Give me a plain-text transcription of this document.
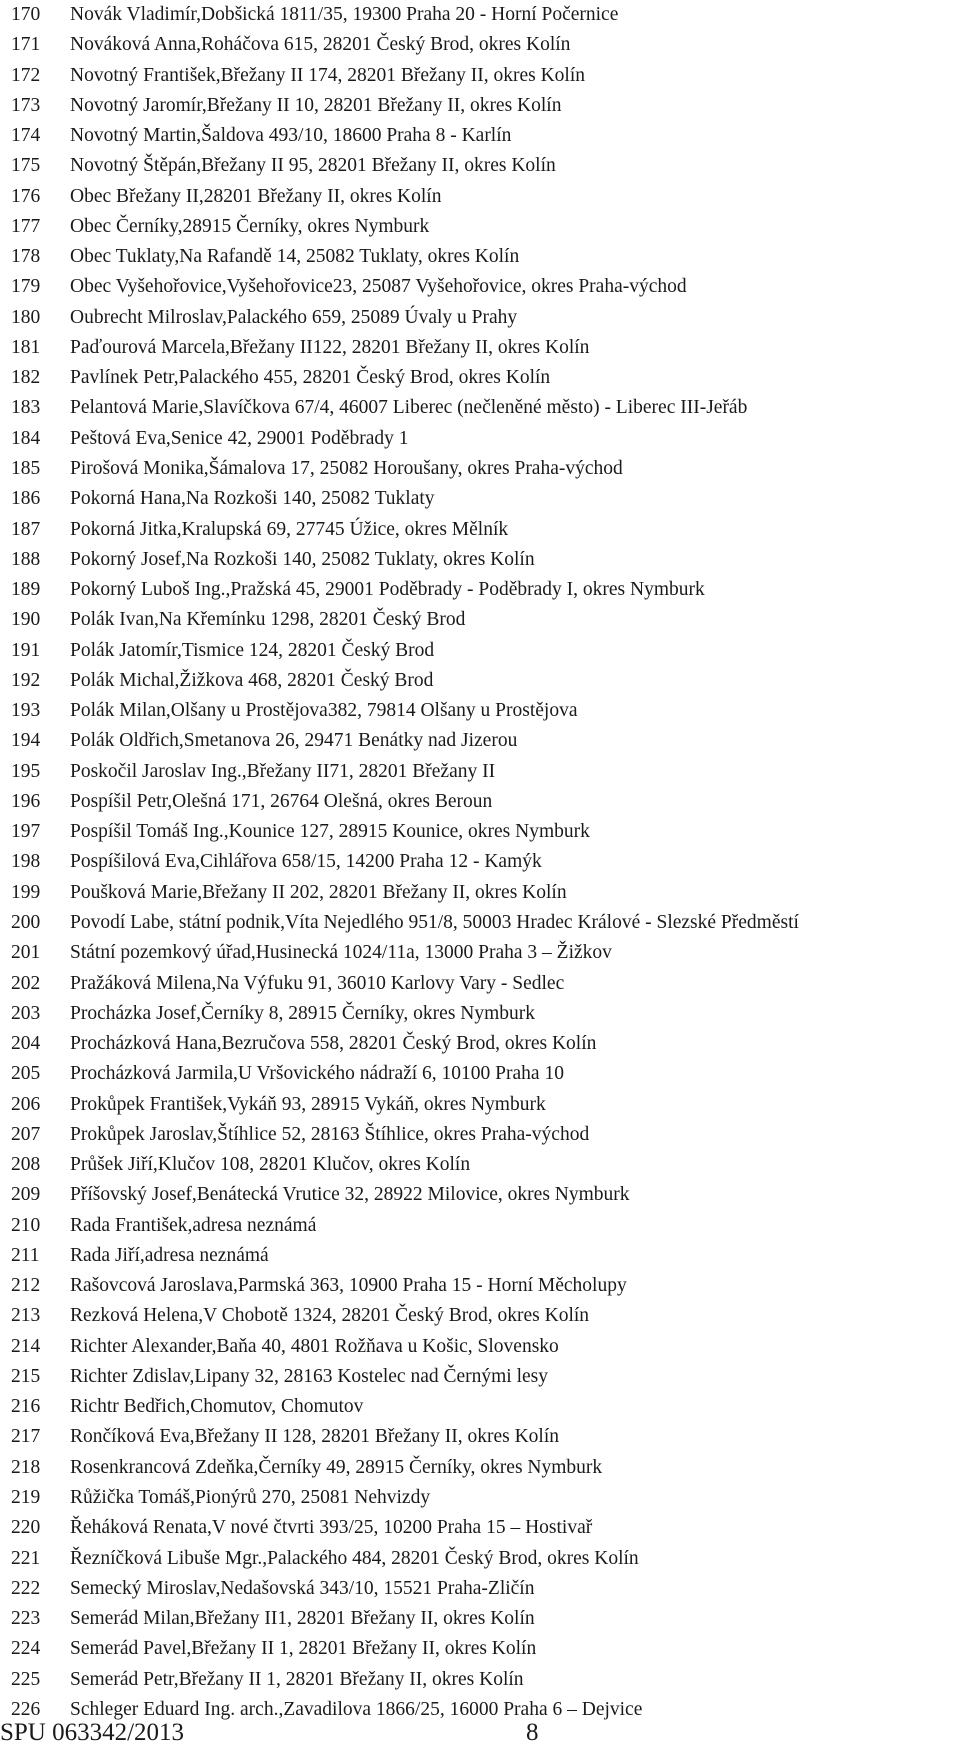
170	Novák Vladimír,Dobšická 1811/35, 19300 Praha 20 - Horní Počernice
171	Nováková Anna,Roháčova 615, 28201 Český Brod, okres Kolín
172	Novotný František,Břežany II 174, 28201 Břežany II, okres Kolín
173	Novotný Jaromír,Břežany II 10, 28201 Břežany II, okres Kolín
174	Novotný Martin,Šaldova 493/10, 18600 Praha 8 - Karlín
175	Novotný Štěpán,Břežany II 95, 28201 Břežany II, okres Kolín
176	Obec Břežany II,28201 Břežany II, okres Kolín
177	Obec Černíky,28915 Černíky, okres Nymburk
178	Obec Tuklaty,Na Rafandě 14, 25082 Tuklaty, okres Kolín
179	Obec Vyšehořovice,Vyšehořovice23, 25087 Vyšehořovice, okres Praha-východ
180	Oubrecht Milroslav,Palackého 659, 25089 Úvaly u Prahy
181	Paďourová Marcela,Břežany II122, 28201 Břežany II, okres Kolín
182	Pavlínek Petr,Palackého 455, 28201 Český Brod, okres Kolín
183	Pelantová Marie,Slavíčkova 67/4, 46007 Liberec (nečleněné město) - Liberec III-Jeřáb
184	Peštová Eva,Senice 42, 29001 Poděbrady 1
185	Pirošová Monika,Šámalova 17, 25082 Horoušany, okres Praha-východ
186	Pokorná Hana,Na Rozkoši 140, 25082 Tuklaty
187	Pokorná Jitka,Kralupská 69, 27745 Úžice, okres Mělník
188	Pokorný Josef,Na Rozkoši 140, 25082 Tuklaty, okres Kolín
189	Pokorný Luboš Ing.,Pražská 45, 29001 Poděbrady - Poděbrady I, okres Nymburk
190	Polák Ivan,Na Křemínku 1298, 28201 Český Brod
191	Polák Jatomír,Tismice 124, 28201 Český Brod
192	Polák Michal,Žižkova 468, 28201 Český Brod
193	Polák Milan,Olšany u Prostějova382, 79814 Olšany u Prostějova
194	Polák Oldřich,Smetanova 26, 29471 Benátky nad Jizerou
195	Poskočil Jaroslav Ing.,Břežany II71, 28201 Břežany II
196	Pospíšil Petr,Olešná 171, 26764 Olešná, okres Beroun
197	Pospíšil Tomáš Ing.,Kounice 127, 28915 Kounice, okres Nymburk
198	Pospíšilová Eva,Cihlářova 658/15, 14200 Praha 12 - Kamýk
199	Poušková Marie,Břežany II 202, 28201 Břežany II, okres Kolín
200	Povodí Labe, státní podnik,Víta Nejedlého 951/8, 50003 Hradec Králové - Slezské Předměstí
201	Státní pozemkový úřad,Husinecká 1024/11a, 13000 Praha 3 – Žižkov
202	Pražáková Milena,Na Výfuku 91, 36010 Karlovy Vary - Sedlec
203	Procházka Josef,Černíky 8, 28915 Černíky, okres Nymburk
204	Procházková Hana,Bezručova 558, 28201 Český Brod, okres Kolín
205	Procházková Jarmila,U Vršovického nádraží 6, 10100 Praha 10
206	Prokůpek František,Vykáň 93, 28915 Vykáň, okres Nymburk
207	Prokůpek Jaroslav,Štíhlice 52, 28163 Štíhlice, okres Praha-východ
208	Průšek Jiří,Klučov 108, 28201 Klučov, okres Kolín
209	Příšovský Josef,Benátecká Vrutice 32, 28922 Milovice, okres Nymburk
210	Rada František,adresa neznámá
211	Rada Jiří,adresa neznámá
212	Rašovcová Jaroslava,Parmská 363, 10900 Praha 15 - Horní Měcholupy
213	Rezková Helena,V Chobotě 1324, 28201 Český Brod, okres Kolín
214	Richter Alexander,Baňa 40, 4801 Rožňava u Košic, Slovensko
215	Richter Zdislav,Lipany 32, 28163 Kostelec nad Černými lesy
216	Richtr Bedřich,Chomutov, Chomutov
217	Rončíková Eva,Břežany II 128, 28201 Břežany II, okres Kolín
218	Rosenkrancová Zdeňka,Černíky 49, 28915 Černíky, okres Nymburk
219	Růžička Tomáš,Pionýrů 270, 25081 Nehvizdy
220	Řeháková Renata,V nové čtvrti 393/25, 10200 Praha 15 – Hostivař
221	Řezníčková Libuše Mgr.,Palackého 484, 28201 Český Brod, okres Kolín
222	Semecký Miroslav,Nedašovská 343/10, 15521 Praha-Zličín
223	Semerád Milan,Břežany II1, 28201 Břežany II, okres Kolín
224	Semerád Pavel,Břežany II 1, 28201 Břežany II, okres Kolín
225	Semerád Petr,Břežany II 1, 28201 Břežany II, okres Kolín
226	Schleger Eduard Ing. arch.,Zavadilova 1866/25, 16000 Praha 6 – Dejvice
SPU 063342/2013	8
